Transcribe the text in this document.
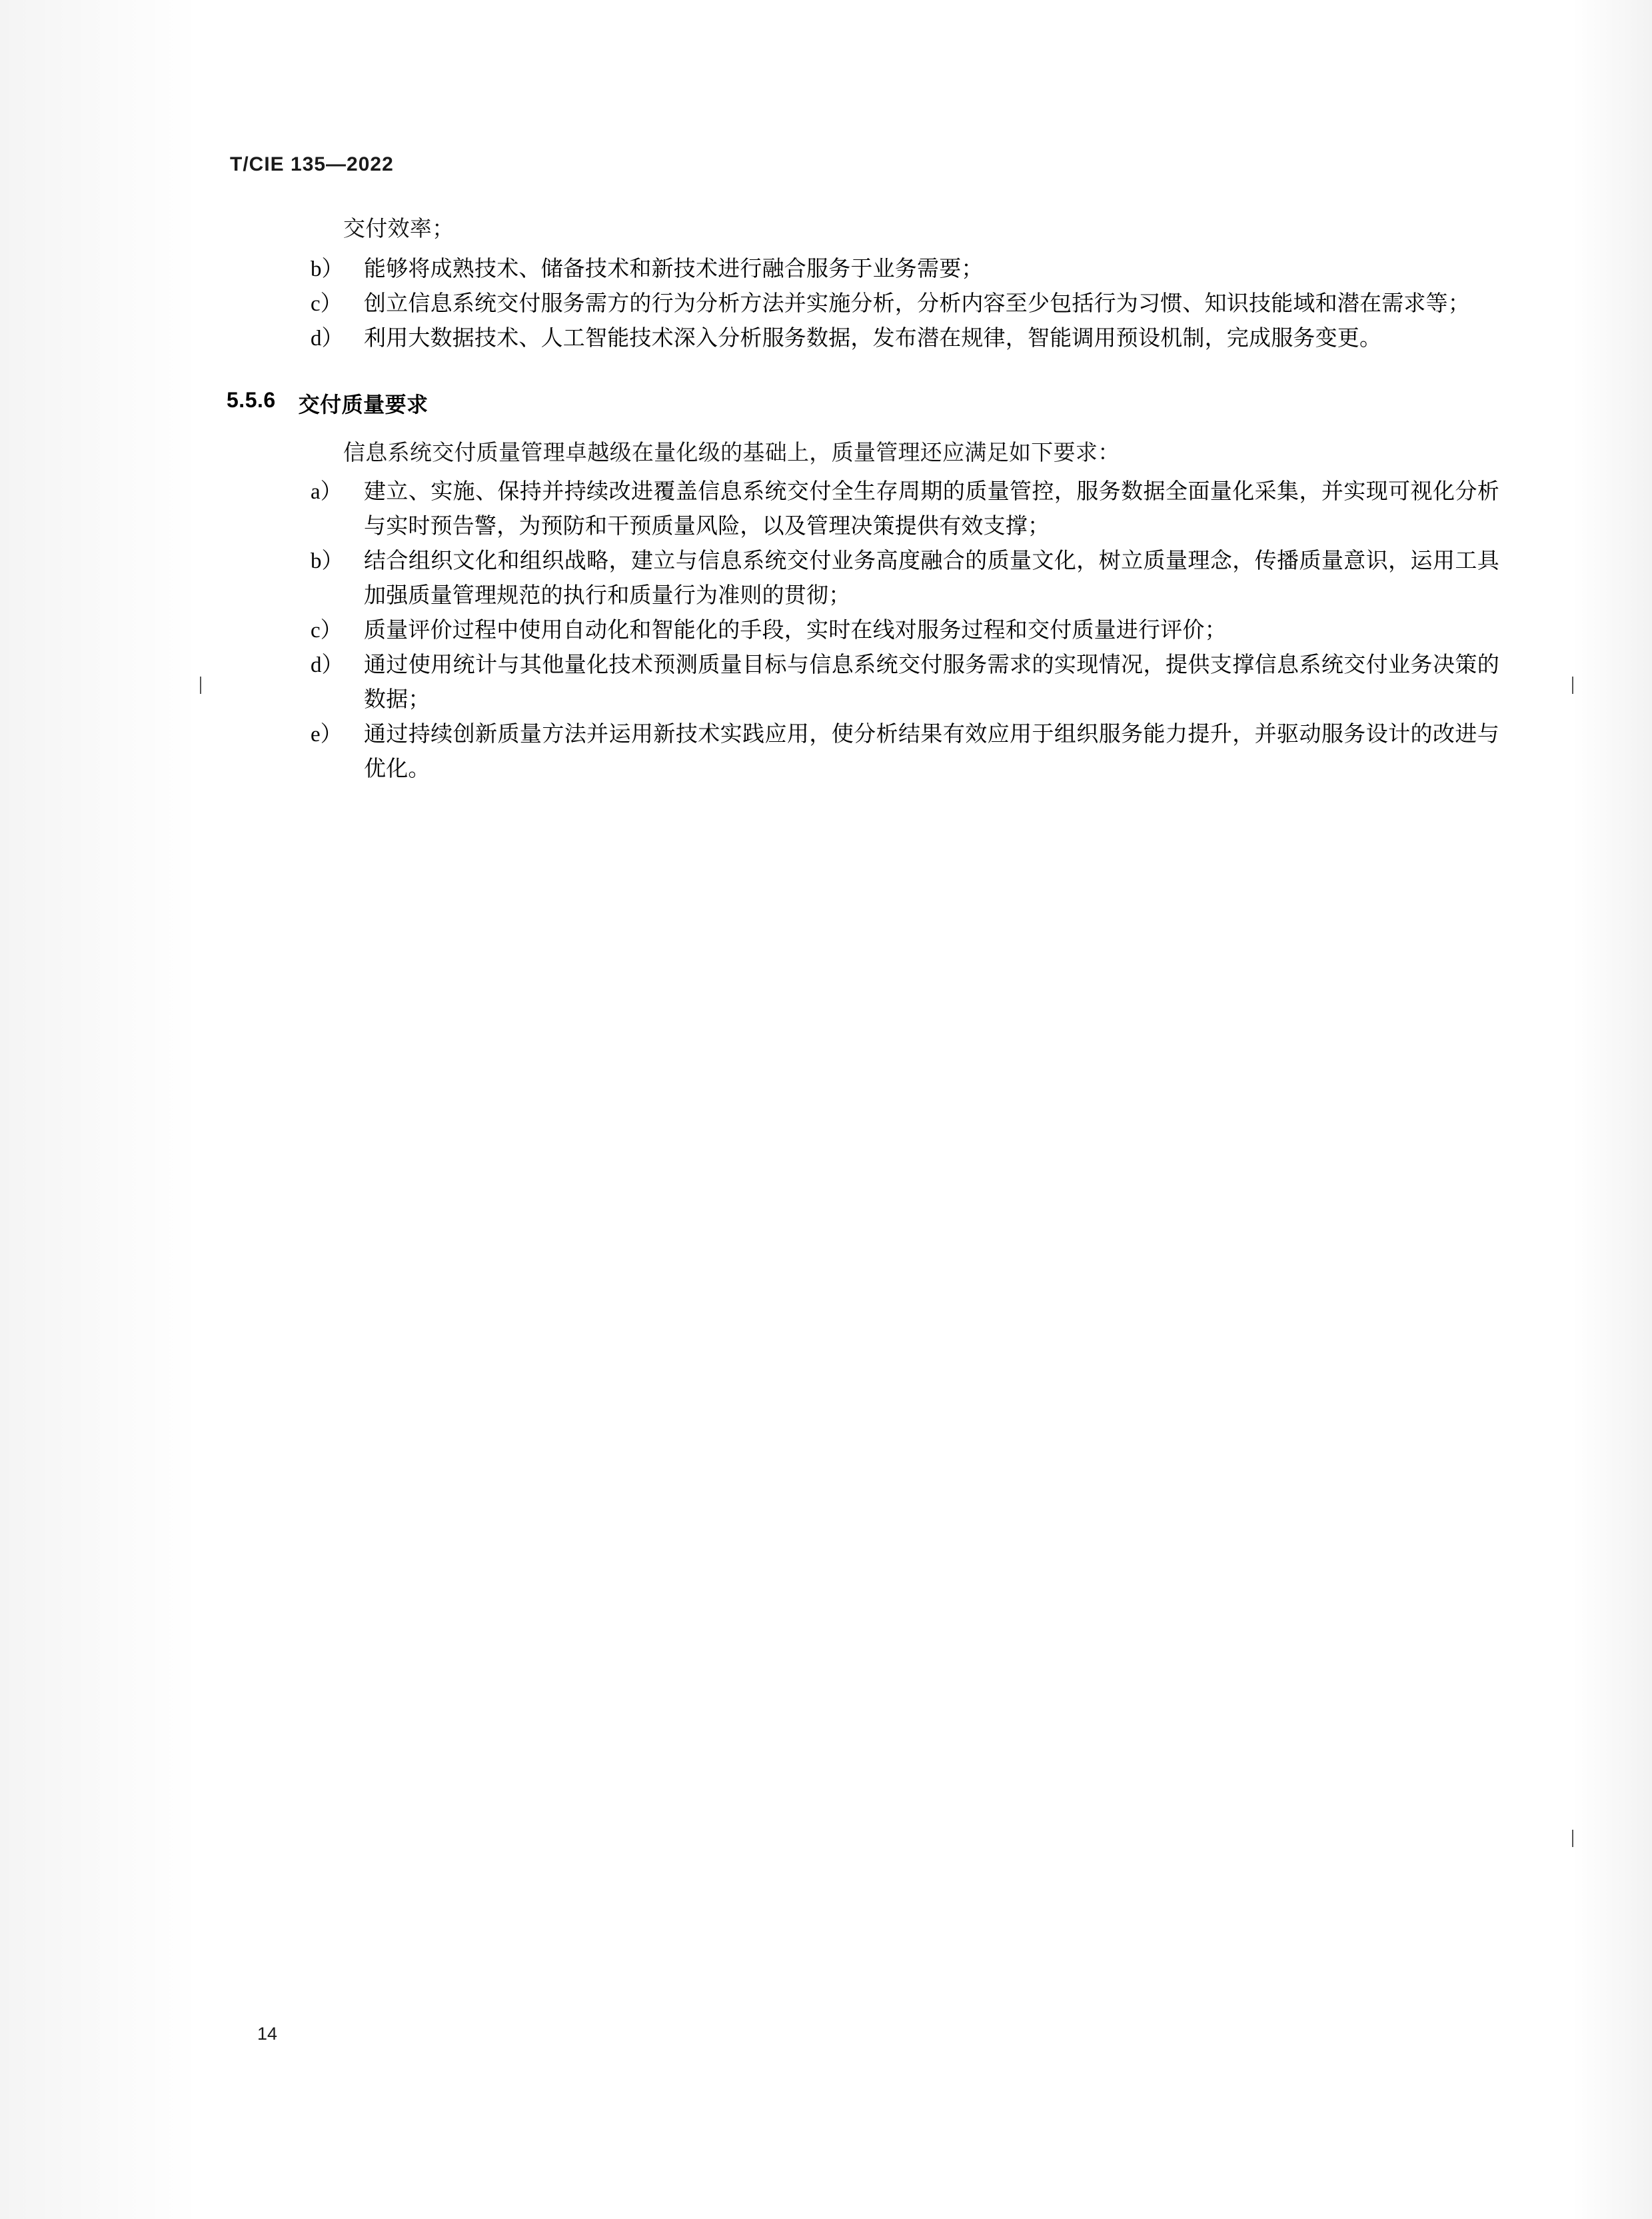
T/CIE 135—2022
交付效率；
b） 能够将成熟技术、储备技术和新技术进行融合服务于业务需要；
c） 创立信息系统交付服务需方的行为分析方法并实施分析，分析内容至少包括行为习惯、知识技能域和潜在需求等；
d） 利用大数据技术、人工智能技术深入分析服务数据，发布潜在规律，智能调用预设机制，完成服务变更。
5.5.6 交付质量要求
信息系统交付质量管理卓越级在量化级的基础上，质量管理还应满足如下要求：
a） 建立、实施、保持并持续改进覆盖信息系统交付全生存周期的质量管控，服务数据全面量化采集，并实现可视化分析与实时预告警，为预防和干预质量风险，以及管理决策提供有效支撑；
b） 结合组织文化和组织战略，建立与信息系统交付业务高度融合的质量文化，树立质量理念，传播质量意识，运用工具加强质量管理规范的执行和质量行为准则的贯彻；
c） 质量评价过程中使用自动化和智能化的手段，实时在线对服务过程和交付质量进行评价；
d） 通过使用统计与其他量化技术预测质量目标与信息系统交付服务需求的实现情况，提供支撑信息系统交付业务决策的数据；
e） 通过持续创新质量方法并运用新技术实践应用，使分析结果有效应用于组织服务能力提升，并驱动服务设计的改进与优化。
14
